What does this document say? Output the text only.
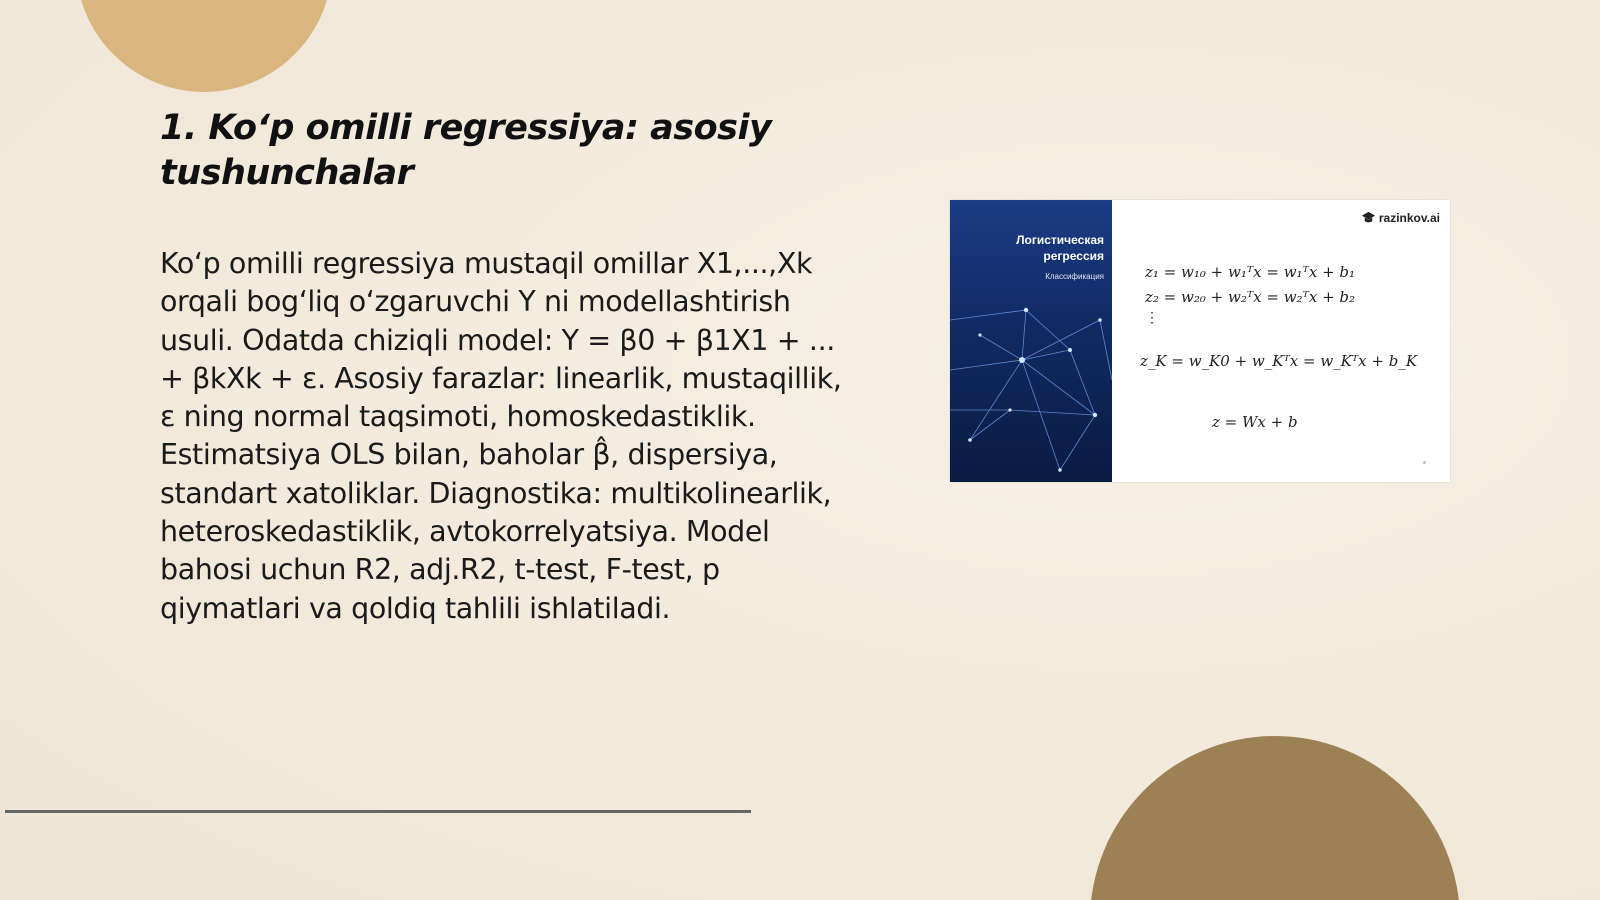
1. Ko‘p omilli regressiya: asosiy tushunchalar

Ko‘p omilli regressiya mustaqil omillar X1,...,Xk orqali bog‘liq o‘zgaruvchi Y ni modellashtirish usuli. Odatda chiziqli model: Y = β0 + β1X1 + ... + βkXk + ε. Asosiy farazlar: linearlik, mustaqillik, ε ning normal taqsimoti, homoskedastiklik. Estimatsiya OLS bilan, baholar β̂, dispersiya, standart xatoliklar. Diagnostika: multikolinearlik, heteroskedastiklik, avtokorrelyatsiya. Model bahosi uchun R2, adj.R2, t-test, F-test, p qiymatlari va qoldiq tahlili ishlatiladi.

Логистическая регрессия
Классификация
razinkov.ai
z₁ = w₁₀ + w₁ᵀx = w₁ᵀx + b₁
z₂ = w₂₀ + w₂ᵀx = w₂ᵀx + b₂
⋮
z_K = w_K0 + w_Kᵀx = w_Kᵀx + b_K
z = Wx + b
